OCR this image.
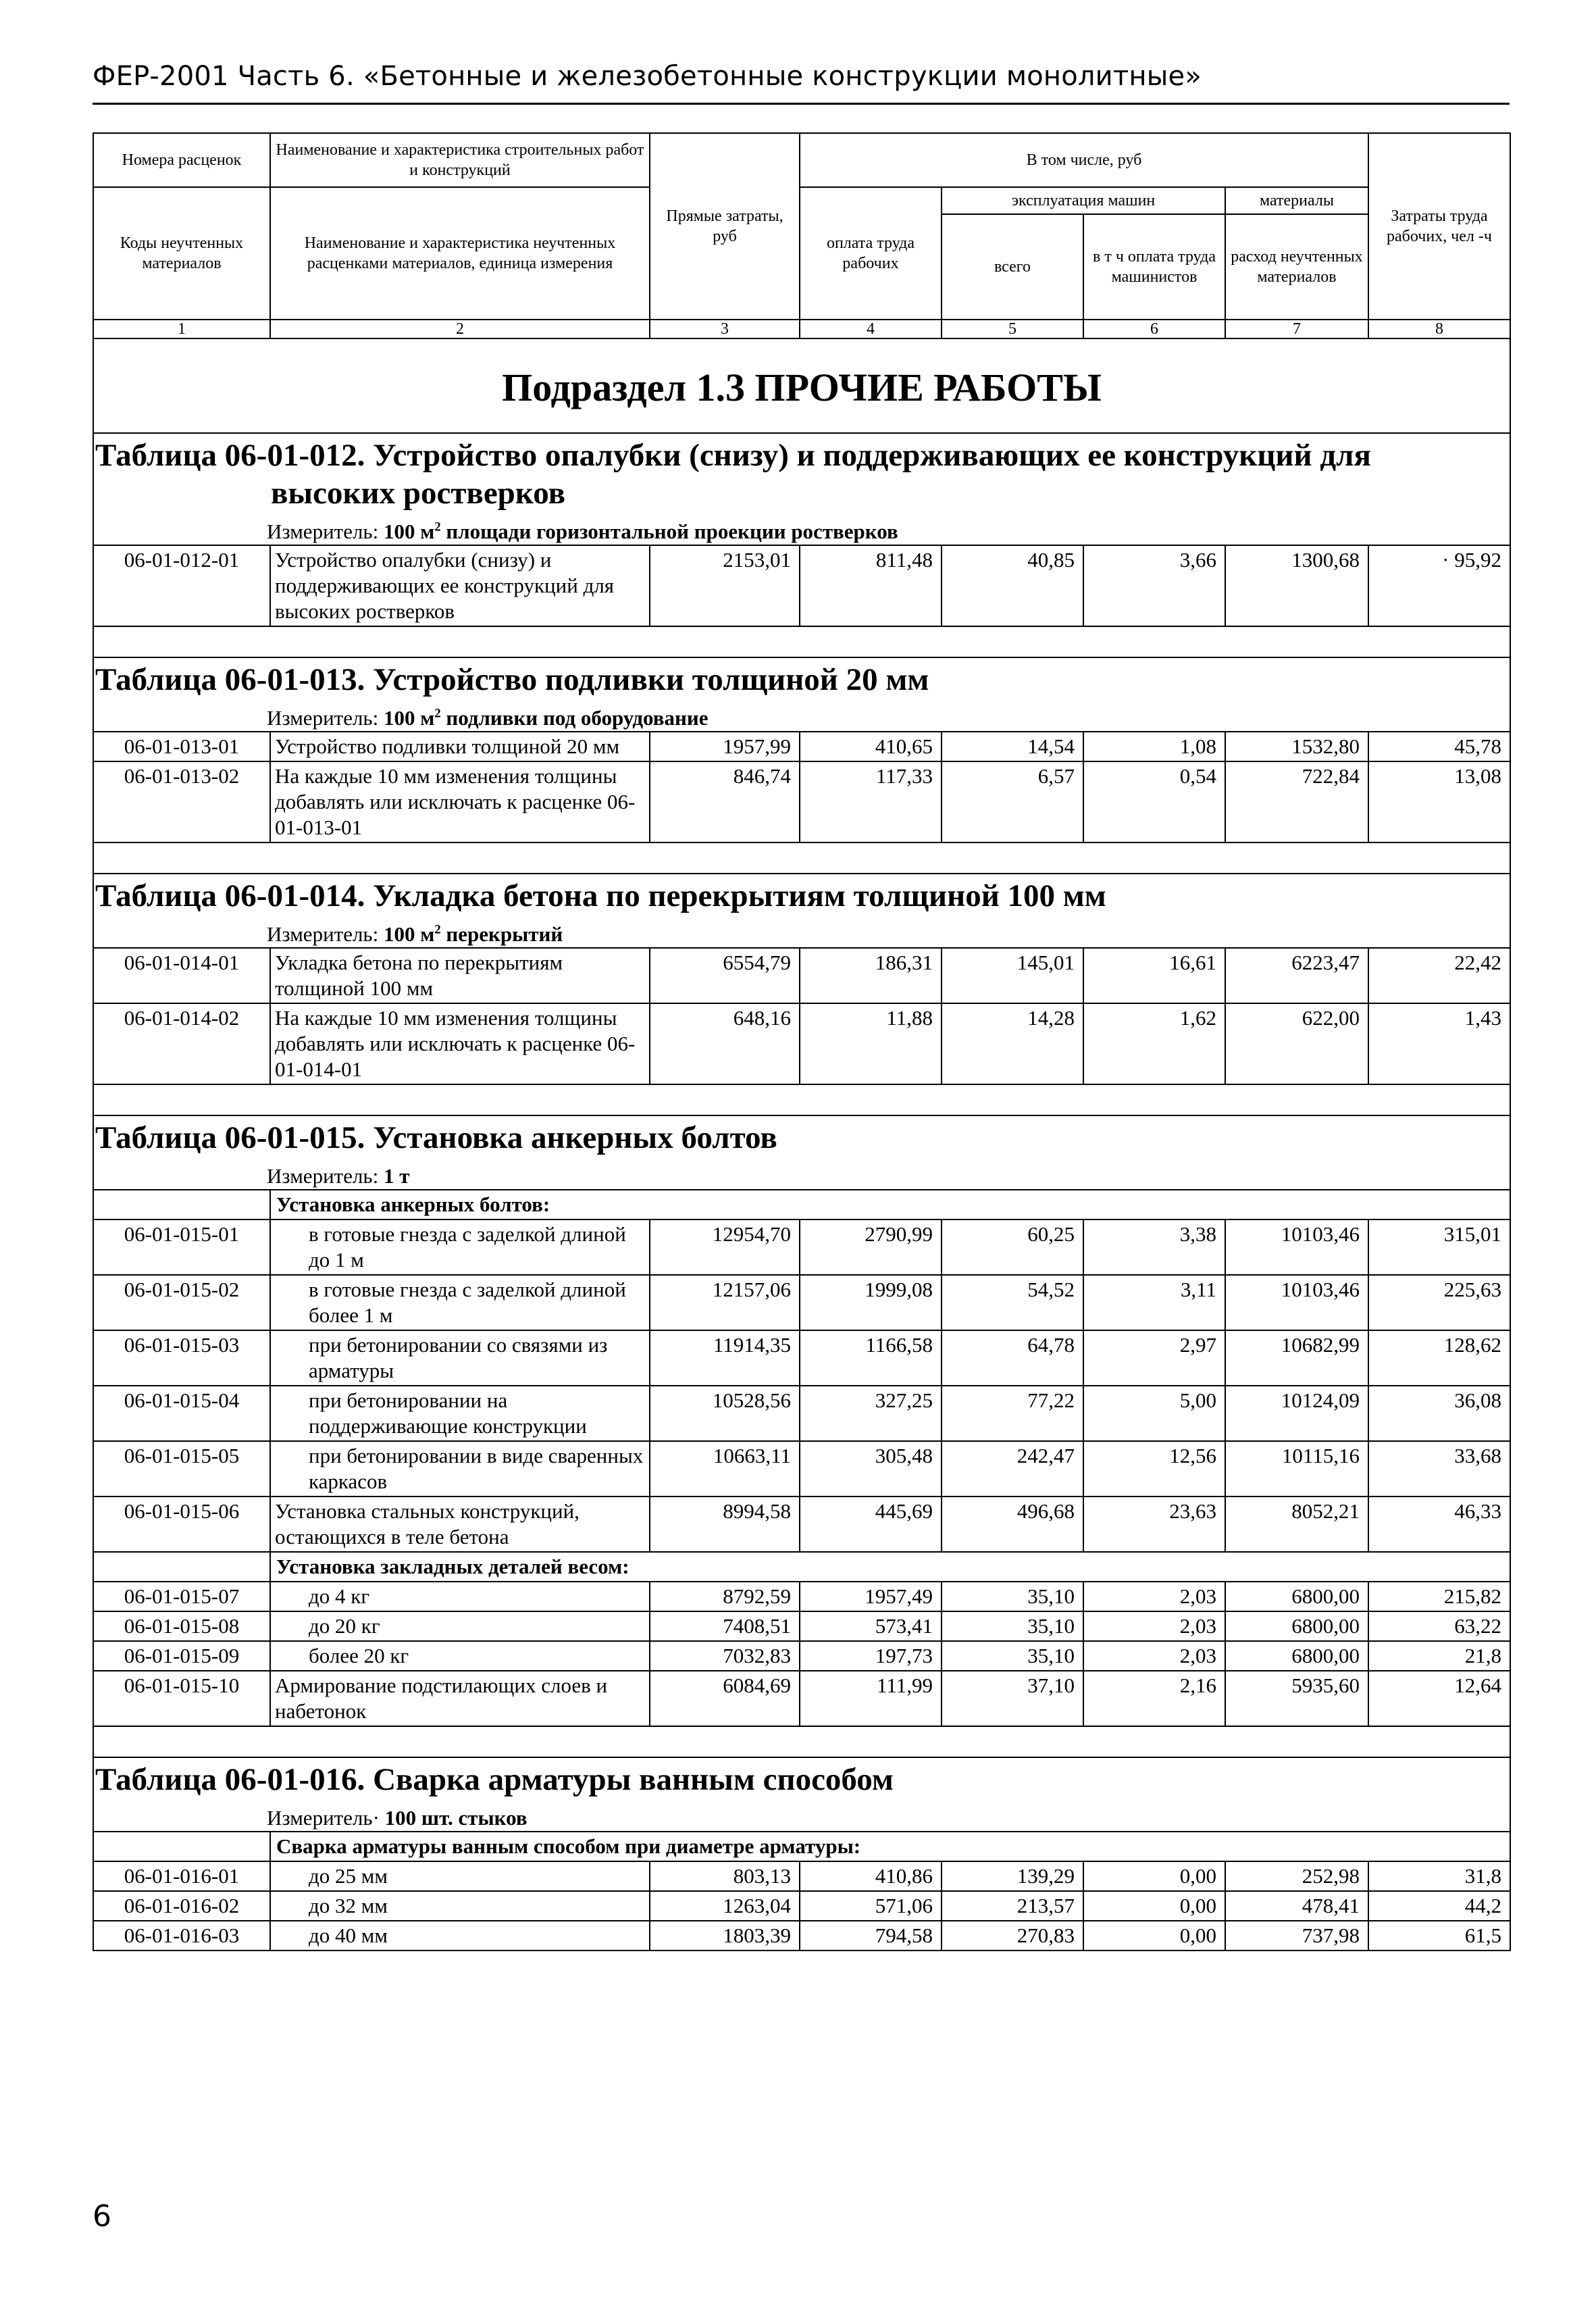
ФЕР-2001 Часть 6. «Бетонные и железобетонные конструкции монолитные»
Номера расценок	Наименование и характеристика строительных работ и конструкций	Прямые затраты, руб	В том числе, руб				Затраты труда рабочих, чел -ч
Коды неучтенных материалов	Наименование и характеристика неучтенных расценками материалов, единица измерения		оплата труда рабочих	эксплуатация машин		материалы	
				всего	в т ч оплата труда машинистов	расход неучтенных материалов	
1	2	3	4	5	6	7	8
Подраздел 1.3 ПРОЧИЕ РАБОТЫ							

Таблица 06-01-012. Устройство опалубки (снизу) и поддерживающих ее конструкций для
высоких ростверков							

Измеритель: 100 $м^2$ площади горизонтальной проекции ростверков							
06-01-012-01	Устройство опалубки (снизу) и поддерживающих ее конструкций для высоких ростверков	2153,01	811,48	40,85	3,66	1300,68	· 95,92

Таблица 06-01-013. Устройство подливки толщиной 20 мм							

Измеритель: 100 $м^2$ подливки под оборудование							
06-01-013-01	Устройство подливки толщиной 20 мм	1957,99	410,65	14,54	1,08	1532,80	45,78
06-01-013-02	На каждые 10 мм изменения толщины добавлять или исключать к расценке 06-01-013-01	846,74	117,33	6,57	0,54	722,84	13,08

Таблица 06-01-014. Укладка бетона по перекрытиям толщиной 100 мм							

Измеритель: 100 $м^2$ перекрытий							
06-01-014-01	Укладка бетона по перекрытиям толщиной 100 мм	6554,79	186,31	145,01	16,61	6223,47	22,42
06-01-014-02	На каждые 10 мм изменения толщины добавлять или исключать к расценке 06-01-014-01	648,16	11,88	14,28	1,62	622,00	1,43

Таблица 06-01-015. Установка анкерных болтов							

Измеритель: 1 т							
	Установка анкерных болтов:						
06-01-015-01	в готовые гнезда с заделкой длиной до 1 м	12954,70	2790,99	60,25	3,38	10103,46	315,01
06-01-015-02	в готовые гнезда с заделкой длиной более 1 м	12157,06	1999,08	54,52	3,11	10103,46	225,63
06-01-015-03	при бетонировании со связями из арматуры	11914,35	1166,58	64,78	2,97	10682,99	128,62
06-01-015-04	при бетонировании на поддерживающие конструкции	10528,56	327,25	77,22	5,00	10124,09	36,08
06-01-015-05	при бетонировании в виде сваренных каркасов	10663,11	305,48	242,47	12,56	10115,16	33,68
06-01-015-06	Установка стальных конструкций, остающихся в теле бетона	8994,58	445,69	496,68	23,63	8052,21	46,33
	Установка закладных деталей весом:						
06-01-015-07	до 4 кг	8792,59	1957,49	35,10	2,03	6800,00	215,82
06-01-015-08	до 20 кг	7408,51	573,41	35,10	2,03	6800,00	63,22
06-01-015-09	более 20 кг	7032,83	197,73	35,10	2,03	6800,00	21,8
06-01-015-10	Армирование подстилающих слоев и набетонок	6084,69	111,99	37,10	2,16	5935,60	12,64

Таблица 06-01-016. Сварка арматуры ванным способом							

Измеритель· 100 шт. стыков							
	Сварка арматуры ванным способом при диаметре арматуры:						
06-01-016-01	до 25 мм	803,13	410,86	139,29	0,00	252,98	31,8
06-01-016-02	до 32 мм	1263,04	571,06	213,57	0,00	478,41	44,2
06-01-016-03	до 40 мм	1803,39	794,58	270,83	0,00	737,98	61,5
6
